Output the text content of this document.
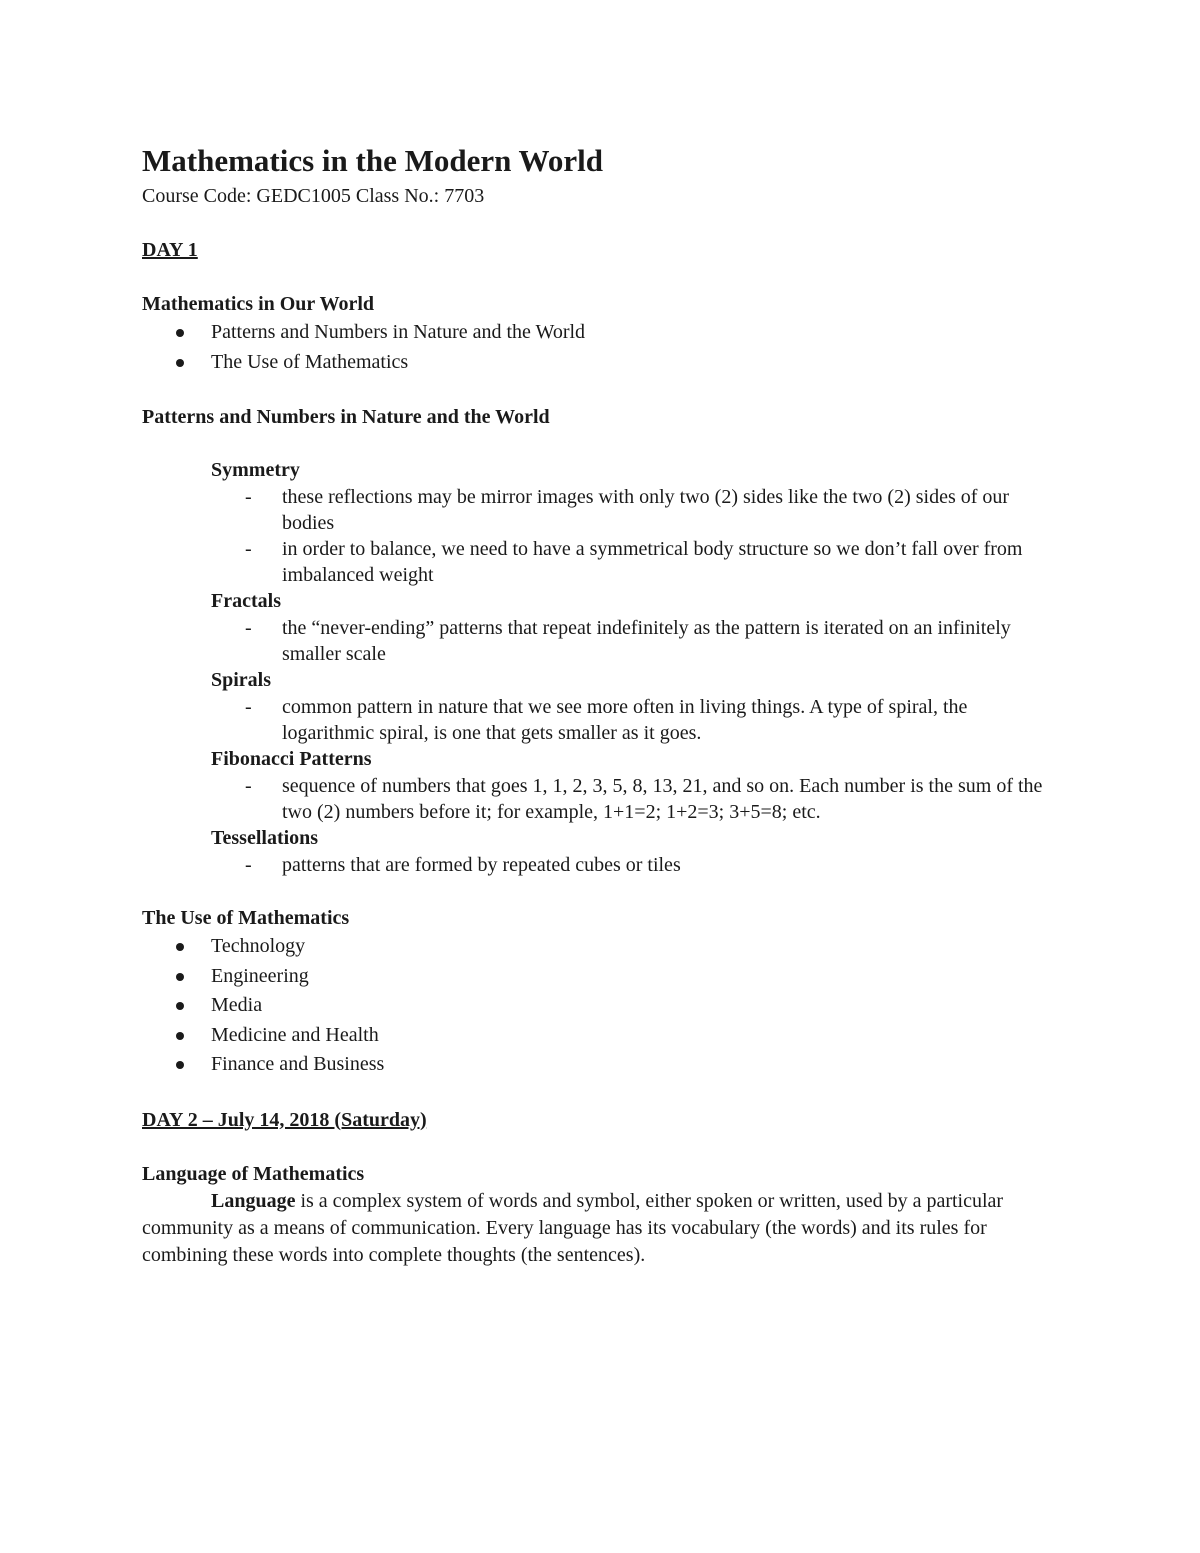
Mathematics in the Modern World

Course Code: GEDC1005 Class No.: 7703

DAY 1

Mathematics in Our World

Patterns and Numbers in Nature and the World
The Use of Mathematics

Patterns and Numbers in Nature and the World

Symmetry

- these reflections may be mirror images with only two (2) sides like the two (2) sides of our bodies
- in order to balance, we need to have a symmetrical body structure so we don’t fall over from imbalanced weight

Fractals

- the “never-ending” patterns that repeat indefinitely as the pattern is iterated on an infinitely smaller scale

Spirals

- common pattern in nature that we see more often in living things. A type of spiral, the logarithmic spiral, is one that gets smaller as it goes.

Fibonacci Patterns

- sequence of numbers that goes 1, 1, 2, 3, 5, 8, 13, 21, and so on. Each number is the sum of the two (2) numbers before it; for example, 1+1=2; 1+2=3; 3+5=8; etc.

Tessellations

- patterns that are formed by repeated cubes or tiles

The Use of Mathematics

Technology
Engineering
Media
Medicine and Health
Finance and Business

DAY 2 – July 14, 2018 (Saturday)

Language of Mathematics

Language is a complex system of words and symbol, either spoken or written, used by a particular community as a means of communication. Every language has its vocabulary (the words) and its rules for combining these words into complete thoughts (the sentences).
